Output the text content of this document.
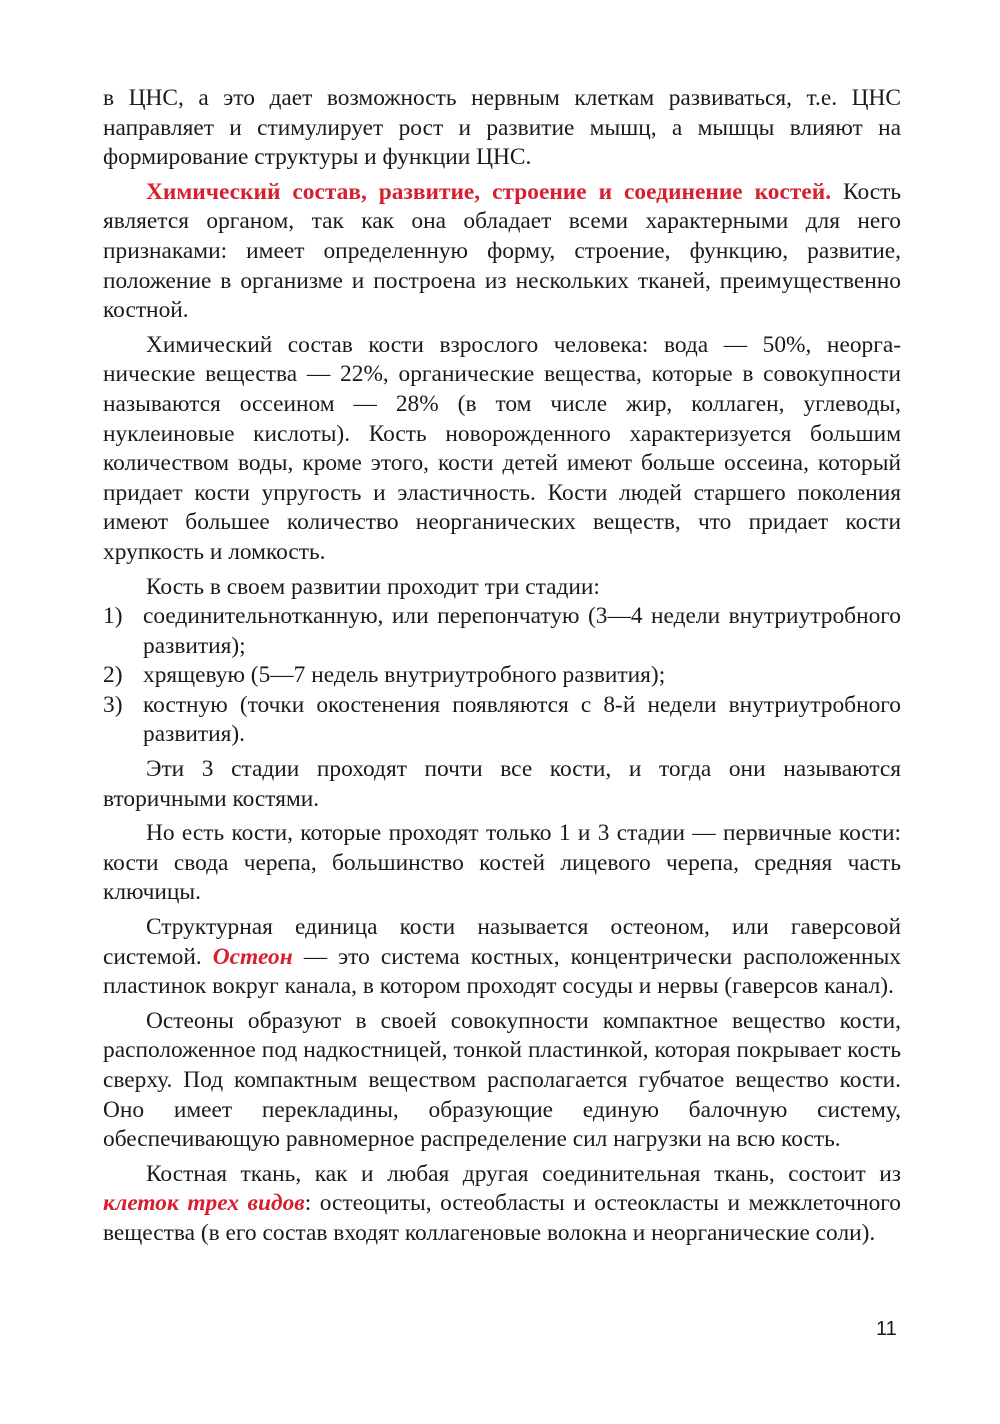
в ЦНС, а это дает возможность нервным клеткам развиваться, т.е. ЦНС направляет и стимулирует рост и развитие мышц, а мышцы влияют на формирование структуры и функции ЦНС.

Химический состав, развитие, строение и соединение костей. Кость является органом, так как она обладает всеми характерными для него признаками: имеет определенную форму, строение, функцию, развитие, положение в организме и построена из нескольких тканей, преимущественно костной.

Химический состав кости взрослого человека: вода — 50%, неорганические вещества — 22%, органические вещества, которые в совокупности называются оссеином — 28% (в том числе жир, коллаген, углеводы, нуклеиновые кислоты). Кость новорожденного характеризуется большим количеством воды, кроме этого, кости детей имеют больше оссеина, который придает кости упругость и эластичность. Кости людей старшего поколения имеют большее количество неорганических веществ, что придает кости хрупкость и ломкость.

Кость в своем развитии проходит три стадии:

1) соединительнотканную, или перепончатую (3—4 недели внутриутробного развития);
2) хрящевую (5—7 недель внутриутробного развития);
3) костную (точки окостенения появляются с 8-й недели внутриутробного развития).

Эти 3 стадии проходят почти все кости, и тогда они называются вторичными костями.

Но есть кости, которые проходят только 1 и 3 стадии — первичные кости: кости свода черепа, большинство костей лицевого черепа, средняя часть ключицы.

Структурная единица кости называется остеоном, или гаверсовой системой. Остеон — это система костных, концентрически расположенных пластинок вокруг канала, в котором проходят сосуды и нервы (гаверсов канал).

Остеоны образуют в своей совокупности компактное вещество кости, расположенное под надкостницей, тонкой пластинкой, которая покрывает кость сверху. Под компактным веществом располагается губчатое вещество кости. Оно имеет перекладины, образующие единую балочную систему, обеспечивающую равномерное распределение сил нагрузки на всю кость.

Костная ткань, как и любая другая соединительная ткань, состоит из клеток трех видов: остеоциты, остеобласты и остеокласты и межклеточного вещества (в его состав входят коллагеновые волокна и неорганические соли).

11
